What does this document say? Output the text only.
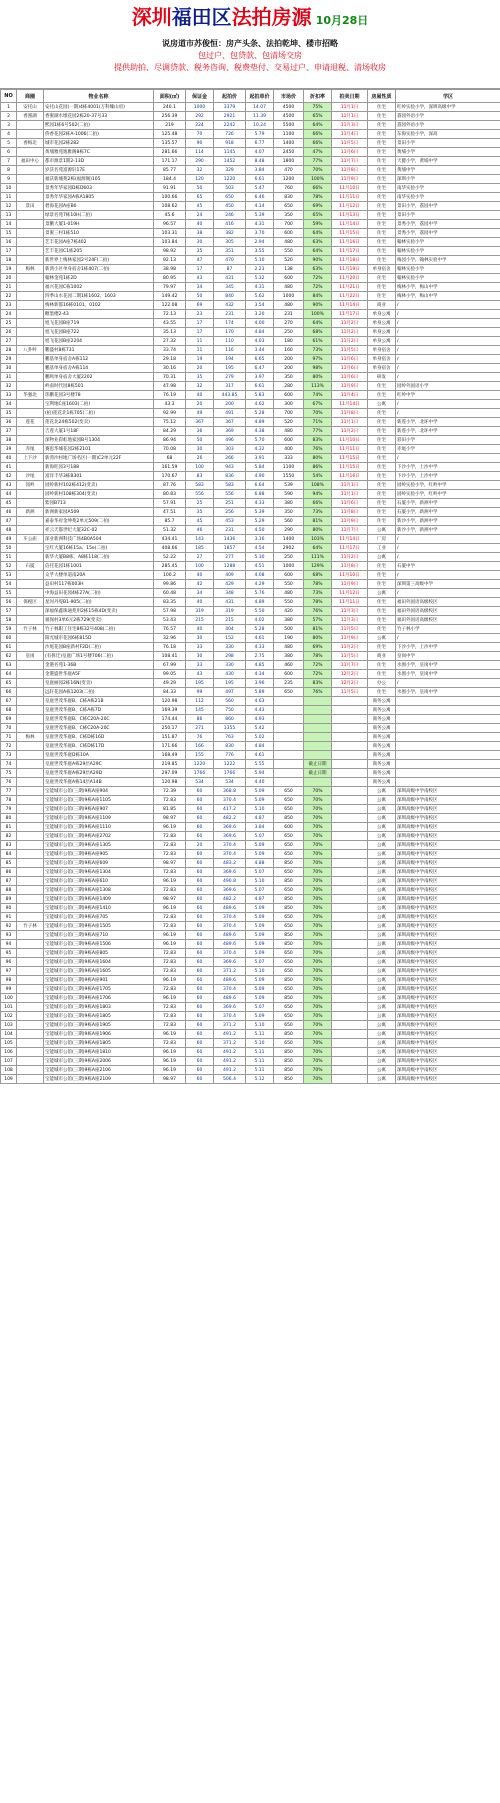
深圳福田区法拍房源 10月28日
说房道市苏俊恒：房产头条、法拍乾坤、楼市招略
包过户、包贷款、包清场交房
提供助拍、尽调贷款、税务咨询、税费垫付、交易过户、申请退税、清场收房
NO	商圈	物业名称	面积(㎡)	保证金	起拍价	起拍单价	市场价	折扣率	拍卖日期	房屋性质	学区
1	安托山	安托山花园(一期)4栋4001(万科臻山府)	240.1	1000	3379	14.07	4500	75%	11月1日	住宅	红岭实验小学，深圳高级中学
2	香蜜湖	香蜜湖水墩花园2栋20-37号33	256.39	292	2921	11.39	4500	65%	11月1日	住宅	荔园外语小学
3		熙园1栋6号502(二拍)	219	224	2242	10.24	5500	64%	11月3日	住宅	荔园外语小学
4		侨香花园2栋A-1006(二拍)	125.48	70	726	5.79	1100	66%	11月4日	住宅	东海实验小学，深高
5	香梅北	城市花园2栋282	135.57	90	918	6.77	1400	66%	11月5日	住宅	景田小学
6		黄埔雅苑逸雅阁8栋7C	281.66	114	1145	4.07	2450	47%	11月6日	住宅	黄埔小学
7	福田中心	都市源景1期2-13D	171.17	290	1452	8.48	1800	77%	11月7日	住宅	天健小学，黄埔中学
8		岁沃名苑富源轩17E	85.77	32	329	3.84	470	70%	11月8日	住宅	黄埔中学
9		福沃新城苑2栋(福源阁)105	184.4	120	1220	6.61	1200	100%	11月9日	住宅	深圳小学
10		景秀年华家园D栋D603	91.91	50	503	5.47	760	66%	11月10日	住宅	南华实验小学
11		景秀年华家园A栋A1805	100.66	65	650	6.46	830	78%	11月11日	住宅	南华实验小学
12	景田	碧海花园A座B0	108.62	45	450	4.14	650	69%	11月12日	住宅	景田小学，荔园中学
13		绿景名苑7栋10H(二拍)	45.6	24	246	5.39	350	65%	11月13日	住宅	景田小学
14		景鹏大厦1-019H	96.57	40	416	4.31	700	59%	11月14日	住宅	景秀小学，荔园中学
15		景蜜三村1栋510	103.31	38	382	3.70	600	64%	11月15日	住宅	景秀小学，荔园中学
16		艺丰花园A座7栋402	103.84	30	305	2.94	480	63%	11月16日	住宅	翰林实验小学
17		艺丰花园C1栋205	98.92	35	351	3.55	550	64%	11月17日	住宅	翰林实验小学
18		新世界上梅林家园2号24F(二拍)	92.13	47	470	5.10	520	90%	11月18日	住宅	梅园小学，翰林实验中学
19	梅林	新鸿小区单身宿舍1栋407(二拍)	38.98	17	87	2.23	138	63%	11月19日	单身宿舍	翰林实验小学
20		翰林金苑1栋2D	80.95	43	431	5.32	600	72%	11月20日	住宅	翰林实验小学
21		福兴花园C栋1002	79.97	34	345	4.31	480	72%	11月21日	住宅	梅林小学，梅山中学
22		四季山水花园二期1栋1602、1603	149.42	50	840	5.62	1000	84%	11月22日	住宅	梅林小学，梅山中学
23		梅林新都16栋0101、0102	122.08	69	432	3.54	480	90%	11月14日	商业	/
24		糖墨楼2-43	72.13	23	231	3.20	231	100%	11月17日	单身公寓	/
25		旭飞花园B座719	43.55	17	174	4.00	270	64%	11月2日	单身公寓	/
26		旭飞花园B座722	35.13	17	170	4.84	250	68%	11月2日	单身公寓	/
27		旭飞花园B座2204	27.32	11	110	4.03	180	61%	11月2日	单身公寓	/
28	八卦岭	鹏盛村8栋731	33.74	11	116	3.44	160	73%	11月5日	单身宿舍	/
29		鹏基单身宿舍A栋112	29.18	19	194	6.65	200	97%	11月6日	单身宿舍	/
30		鹏基单身宿舍A栋114	30.16	20	195	6.47	200	98%	11月6日	单身宿舍	/
31		鹏鸣单身宿舍大厦2202	70.31	35	279	3.97	350	80%	11月6日	研发	/
32		岭南时代园8栋501	47.98	32	317	6.61	280	113%	11月9日	住宅	园岭外国语小学
33	华强北	玮鹏花园3号楼78	76.19	40	443.85	5.83	600	74%	11月4日	住宅	红岭中学
34		宝利地C座1603(二拍)	43.3	20	200	4.62	300	67%	11月14日	公寓	/
35		(拍)莲花北1栋705(二拍)	92.99	49	491	5.28	700	70%	11月8日	住宅	/
36	莲花	莲花北24栋502(变卖)	75.12	367	367	4.89	520	71%	11月1日	住宅	新莲小学，北环中学
37		吉莲大厦1号18F	84.29	36	369	4.38	480	77%	11月2日	住宅	新莲小学，北环中学
38		深物业彩虹地家园B号1304	86.94	50	496	5.70	600	83%	11月10日	住宅	彩田小学
39	赤尾	赛思华城花园2栋2101	70.08	30	303	4.32	400	76%	11月11日	住宅	赤尾小学
40	上下沙	新湾沙村地广场名区(一期)C2单元22F	68	26	266	3.91	333	80%	11月15日	住宅	/
41		新海旺园3号188	161.59	100	943	5.84	1100	86%	11月15日	住宅	下沙小学，上沙中学
42	沙尾	富洋丰华3栋B301	170.67	83	836	4.90	1550	54%	11月16日	住宅	下沙小学，上沙中学
43	园岭	园岭新村102栋412(变卖)	87.76	583	583	6.64	539	108%	11月1日	住宅	园岭实验小学，红岭中学
44		园岭新村108栋304(变卖)	80.83	556	556	6.88	590	94%	11月1日	住宅	园岭实验小学，红岭中学
45		紫园B713	57.91	25	251	4.33	380	66%	11月6日	住宅	石厦小学，新洲中学
46	新洲	新洲新家园A509	47.51	35	256	5.39	350	73%	11月8日	住宅	石厦小学，新洲中学
47		嘉泰华府金坤苑2单元509(二拍)	85.7	45	453	5.29	560	81%	11月9日	住宅	新沙小学，新洲中学
48		祥云天都世纪大厦32C-02	51.32	46	231	4.50	290	80%	11月7日	公寓	新沙小学，新洲中学
49	车公庙	深业新洲科技广场4B0A504	434.41	143	1436	3.16	1400	103%	11月14日	厂房	/
50		宝红大厦16栋15a、15e(二拍)	408.66	185	1857	4.54	2902	64%	11月17日	工业	/
51		新华大厦B8栋、A8栋118(二拍)	52.22	27	277	5.30	250	111%	11月2日	公寓	/
52	石厦	信托花园1栋1001	285.45	100	1288	4.51	1000	129%	11月8日	住宅	石厦中学
53		众孚大楼单道南20A	100.2	40	409	4.08	600	68%	11月10日	住宅	/
54		益田村117栋003H	99.86	42	429	4.29	550	78%	11月9日	住宅	深圳第三高级中学
55		中海益田花园4栋27A(二拍)	60.48	34	348	5.76	480	73%	11月12日	公寓	/
56	保税区	星河丹堤B1-905(二拍)	83.35	40	431	4.89	550	78%	11月11日	住宅	福田外国语高级校区
57		深福保鑫珠通苑用2栋15栋4D(变卖)	57.98	319	319	5.50	420	76%	11月3日	住宅	福田外国语高级校区
58		福保村3单6元2栋729(变卖)	53.43	215	215	4.02	380	57%	11月3日	住宅	福田外国语高级校区
59	竹子林	竹子林职工住宅8栋32号408(二拍)	76.57	40	404	5.28	500	81%	11月5日	住宅	竹子林小学
60		阳光城市花园6栋815D	32.96	30	152	4.61	190	80%	11月9日	公寓	/
61		沙尾花园B座新村F2D(二拍)	76.18	33	330	4.33	480	69%	11月2日	住宅	下沙小学，上沙中学
62	皇岗	(有拆迁)皇庭广场1号楼706(二拍)	108.41	30	298	2.75	380	78%	11月5日	商业	皇岗中学
63		金港名苑1-36B	67.99	33	330	4.85	460	72%	11月7日	住宅	水围小学，皇岗中学
64		金港盛世华庭A5F	99.05	43	430	4.34	600	72%	12月2日	住宅	水围小学，皇岗中学
65		皇庭丽园2栋16N(变卖)	49.29	195	195	3.96	235	83%	12月2日	办公	/
66		远轩花园A栋1203(二拍)	84.33	99	497	5.89	650	76%	11月5日	住宅	水围小学，皇岗中学
67		皇庭世茂华庭B、C栋A栋21B	120.98	112	560	4.63				商务公寓	
68		皇庭世茂华庭B、C栋A栋7D	169.39	145	750	4.43				商务公寓	
69		皇庭世茂华庭B、C栋C20A-20C	174.44	86	860	4.93				商务公寓	
70		皇庭世茂华庭B、C栋C20A-20C	250.17	271	1355	5.42				商务公寓	
71	梅林	皇庭世茂华庭B、C栋D栋16D	151.87	76	763	5.02				商务公寓	
72		皇庭世茂华庭B、C栋D栋17D	171.66	166	830	4.84				商务公寓	
73		皇庭世茂华庭D栋10A	168.49	155	776	4.61				商务公寓	
74		皇庭世茂华庭A栋29层A29C	219.85	1220	1222	5.55		截止日期		商务公寓	
75		皇庭世茂华庭A栋29层A29D	297.09	1766	1766	5.94		截止日期		商务公寓	
76		皇庭世茂华庭A栋14层A14B	120.98	534	534	4.40				商务公寓	
77		宝能城市公馆(三期)9栋A座904	72.39	60	368.8	5.09	650	70%		公寓	深圳高级中学南校区
78		宝能城市公馆(三期)9栋A座1105	72.83	60	370.4	5.09	650	70%		公寓	深圳高级中学南校区
79		宝能城市公馆(三期)9栋A座907	81.85	60	417.2	5.10	650	70%		公寓	深圳高级中学南校区
80		宝能城市公馆(三期)9栋A座1109	98.97	60	482.2	4.87	850	70%		公寓	深圳高级中学南校区
81		宝能城市公馆(三期)9栋A座1110	96.19	60	369.6	3.84	600	70%		公寓	深圳高级中学南校区
82		宝能城市公馆(三期)9栋A座2702	72.83	60	369.6	5.07	650	70%		公寓	深圳高级中学南校区
83		宝能城市公馆(三期)9栋A座1305	72.83	20	370.4	5.09	650	70%		公寓	深圳高级中学南校区
84		宝能城市公馆(三期)9栋A座905	72.83	60	370.4	5.09	650	70%		公寓	深圳高级中学南校区
85		宝能城市公馆(三期)9栋A座609	98.97	60	483.2	4.88	850	70%		公寓	深圳高级中学南校区
86		宝能城市公馆(三期)9栋A座1304	72.83	60	369.6	5.07	650	70%		公寓	深圳高级中学南校区
87		宝能城市公馆(三期)9栋A座610	96.19	60	490.8	5.10	850	70%		公寓	深圳高级中学南校区
88		宝能城市公馆(三期)9栋A座1308	72.83	60	369.6	5.07	650	70%		公寓	深圳高级中学南校区
89		宝能城市公馆(三期)9栋A座1409	98.97	60	482.2	4.87	850	70%		公寓	深圳高级中学南校区
90		宝能城市公馆(三期)9栋A座1410	96.19	60	489.6	5.09	850	70%		公寓	深圳高级中学南校区
91		宝能城市公馆(三期)9栋A座705	72.83	60	370.4	5.09	650	70%		公寓	深圳高级中学南校区
92	竹子林	宝能城市公馆(三期)9栋A座1505	72.83	60	370.4	5.09	650	70%		公寓	深圳高级中学南校区
93		宝能城市公馆(三期)9栋A座710	96.19	60	489.6	5.09	850	70%		公寓	深圳高级中学南校区
94		宝能城市公馆(三期)9栋A座1506	96.19	60	489.6	5.09	850	70%		公寓	深圳高级中学南校区
95		宝能城市公馆(三期)9栋A座805	72.83	60	370.4	5.09	650	70%		公寓	深圳高级中学南校区
96		宝能城市公馆(三期)9栋A座1604	72.83	60	369.6	5.07	650	70%		公寓	深圳高级中学南校区
97		宝能城市公馆(三期)9栋A座1605	72.83	60	371.2	5.10	650	70%		公寓	深圳高级中学南校区
98		宝能城市公馆(三期)9栋A座901	96.19	60	489.6	5.09	850	70%		公寓	深圳高级中学南校区
99		宝能城市公馆(三期)9栋A座1705	72.83	60	370.4	5.09	650	70%		公寓	深圳高级中学南校区
100		宝能城市公馆(三期)9栋A座1706	96.19	60	489.6	5.09	850	70%		公寓	深圳高级中学南校区
101		宝能城市公馆(三期)9栋A座1803	72.83	60	369.6	5.07	650	70%		公寓	深圳高级中学南校区
102		宝能城市公馆(三期)9栋A座1805	72.83	60	370.4	5.09	650	70%		公寓	深圳高级中学南校区
103		宝能城市公馆(三期)9栋A座1905	72.83	60	371.2	5.10	650	70%		公寓	深圳高级中学南校区
104		宝能城市公馆(三期)9栋A座1906	96.19	60	491.2	5.11	850	70%		公寓	深圳高级中学南校区
105		宝能城市公馆(三期)9栋A座1805	72.83	60	371.2	5.10	650	70%		公寓	深圳高级中学南校区
106		宝能城市公馆(三期)9栋A座1810	96.19	60	491.2	5.11	850	70%		公寓	深圳高级中学南校区
107		宝能城市公馆(三期)9栋A座2006	96.19	60	491.2	5.11	850	70%		公寓	深圳高级中学南校区
108		宝能城市公馆(三期)9栋A座2106	96.19	60	491.2	5.11	850	70%		公寓	深圳高级中学南校区
109		宝能城市公馆(三期)9栋A座2109	98.97	60	506.4	5.12	850	70%		公寓	深圳高级中学南校区
